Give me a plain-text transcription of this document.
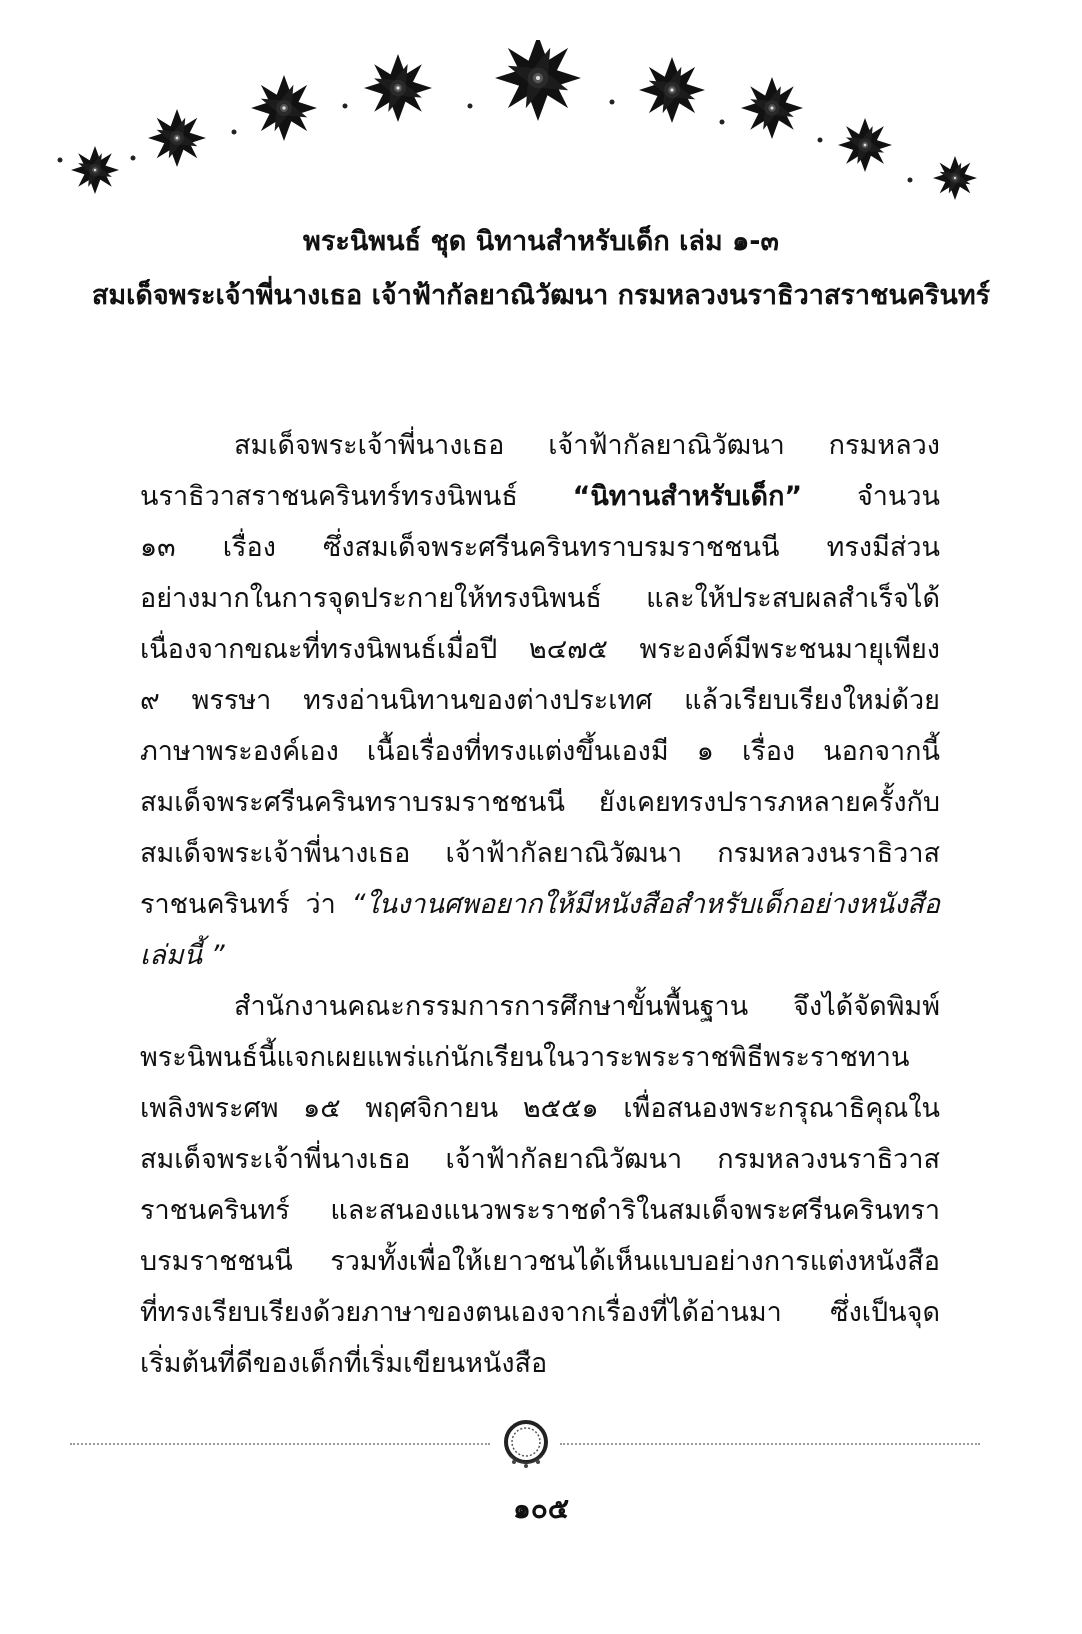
พระนิพนธ์ ชุด นิทานสำหรับเด็ก เล่ม ๑-๓
สมเด็จพระเจ้าพี่นางเธอ เจ้าฟ้ากัลยาณิวัฒนา กรมหลวงนราธิวาสราชนครินทร์
สมเด็จพระเจ้าพี่นางเธอ เจ้าฟ้ากัลยาณิวัฒนา กรมหลวง
นราธิวาสราชนครินทร์ทรงนิพนธ์ “นิทานสำหรับเด็ก” จำนวน
๑๓ เรื่อง ซึ่งสมเด็จพระศรีนครินทราบรมราชชนนี ทรงมีส่วน
อย่างมากในการจุดประกายให้ทรงนิพนธ์ และให้ประสบผลสำเร็จได้
เนื่องจากขณะที่ทรงนิพนธ์เมื่อปี ๒๔๗๕ พระองค์มีพระชนมายุเพียง
๙ พรรษา ทรงอ่านนิทานของต่างประเทศ แล้วเรียบเรียงใหม่ด้วย
ภาษาพระองค์เอง เนื้อเรื่องที่ทรงแต่งขึ้นเองมี ๑ เรื่อง นอกจากนี้
สมเด็จพระศรีนครินทราบรมราชชนนี ยังเคยทรงปรารภหลายครั้งกับ
สมเด็จพระเจ้าพี่นางเธอ เจ้าฟ้ากัลยาณิวัฒนา กรมหลวงนราธิวาส
ราชนครินทร์ ว่า “ในงานศพอยากให้มีหนังสือสำหรับเด็กอย่างหนังสือ
เล่มนี้ ”
สำนักงานคณะกรรมการการศึกษาขั้นพื้นฐาน จึงได้จัดพิมพ์
พระนิพนธ์นี้แจกเผยแพร่แก่นักเรียนในวาระพระราชพิธีพระราชทาน
เพลิงพระศพ ๑๕ พฤศจิกายน ๒๕๕๑ เพื่อสนองพระกรุณาธิคุณใน
สมเด็จพระเจ้าพี่นางเธอ เจ้าฟ้ากัลยาณิวัฒนา กรมหลวงนราธิวาส
ราชนครินทร์ และสนองแนวพระราชดำริในสมเด็จพระศรีนครินทรา
บรมราชชนนี รวมทั้งเพื่อให้เยาวชนได้เห็นแบบอย่างการแต่งหนังสือ
ที่ทรงเรียบเรียงด้วยภาษาของตนเองจากเรื่องที่ได้อ่านมา ซึ่งเป็นจุด
เริ่มต้นที่ดีของเด็กที่เริ่มเขียนหนังสือ
๑๐๕
